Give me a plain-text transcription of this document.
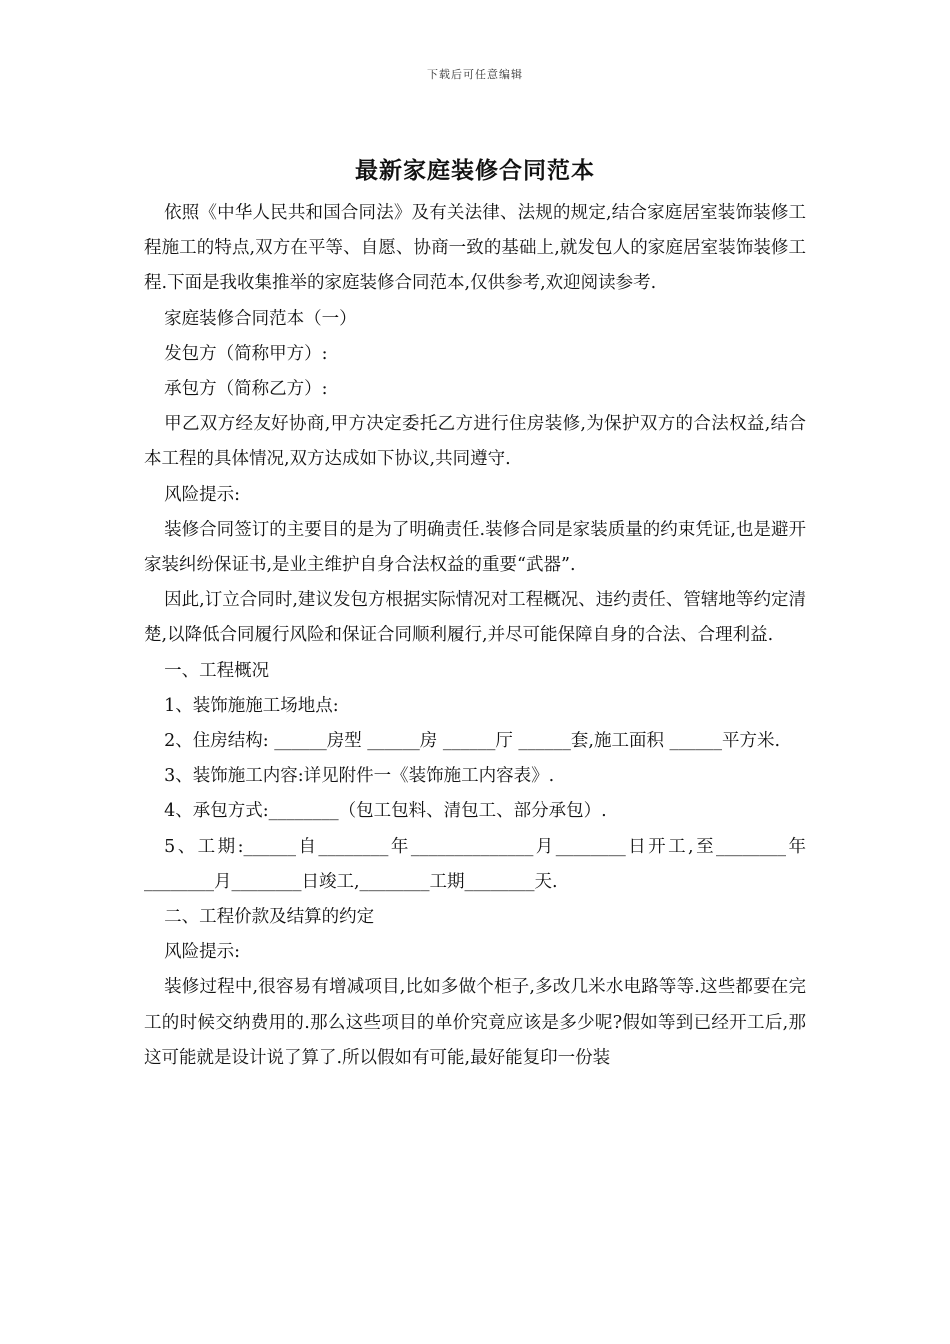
下载后可任意编辑
最新家庭装修合同范本

依照《中华人民共和国合同法》及有关法律、法规的规定,结合家庭居室装饰装修工程施工的特点,双方在平等、自愿、协商一致的基础上,就发包人的家庭居室装饰装修工程.下面是我收集推举的家庭装修合同范本,仅供参考,欢迎阅读参考.

家庭装修合同范本（一）

发包方（简称甲方）:

承包方（简称乙方）:

甲乙双方经友好协商,甲方决定委托乙方进行住房装修,为保护双方的合法权益,结合本工程的具体情况,双方达成如下协议,共同遵守.

风险提示:

装修合同签订的主要目的是为了明确责任.装修合同是家装质量的约束凭证,也是避开家装纠纷保证书,是业主维护自身合法权益的重要“武器”.

因此,订立合同时,建议发包方根据实际情况对工程概况、违约责任、管辖地等约定清楚,以降低合同履行风险和保证合同顺利履行,并尽可能保障自身的合法、合理利益.

一、工程概况

1、装饰施施工场地点:

2、住房结构: ______房型 ______房 ______厅 ______套,施工面积 ______平方米.

3、装饰施工内容:详见附件一《装饰施工内容表》.

4、承包方式:________（包工包料、清包工、部分承包）.

5、工期:______自________年______________月________日开工,至________年________月________日竣工,________工期________天.

二、工程价款及结算的约定

风险提示:

装修过程中,很容易有增减项目,比如多做个柜子,多改几米水电路等等.这些都要在完工的时候交纳费用的.那么这些项目的单价究竟应该是多少呢?假如等到已经开工后,那这可能就是设计说了算了.所以假如有可能,最好能复印一份装
